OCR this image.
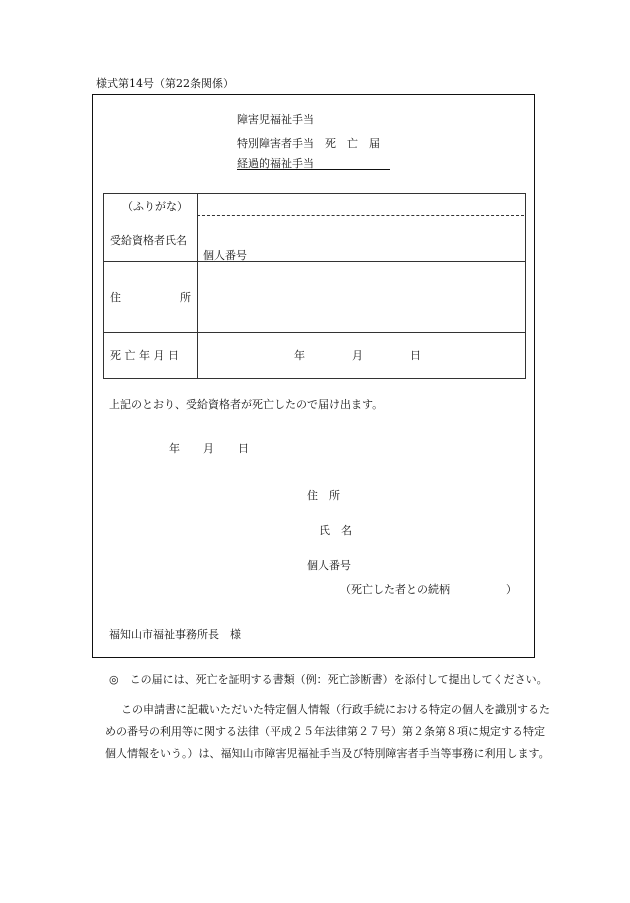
様式第14号（第22条関係）
障害児福祉手当
特別障害者手当　死　亡　届
経過的福祉手当
（ふりがな）
受給資格者氏名	個人番号

住 所	

死 亡 年 月 日	年 月 日
上記のとおり、受給資格者が死亡したので届け出ます。
年 月 日
住　所
氏　名
個人番号
（死亡した者との続柄	）
福知山市福祉事務所長　様
◎　この届には、死亡を証明する書類（例：死亡診断書）を添付して提出してください。
この申請書に記載いただいた特定個人情報（行政手続における特定の個人を識別するた
めの番号の利用等に関する法律（平成２５年法律第２７号）第２条第８項に規定する特定
個人情報をいう。）は、福知山市障害児福祉手当及び特別障害者手当等事務に利用します。
